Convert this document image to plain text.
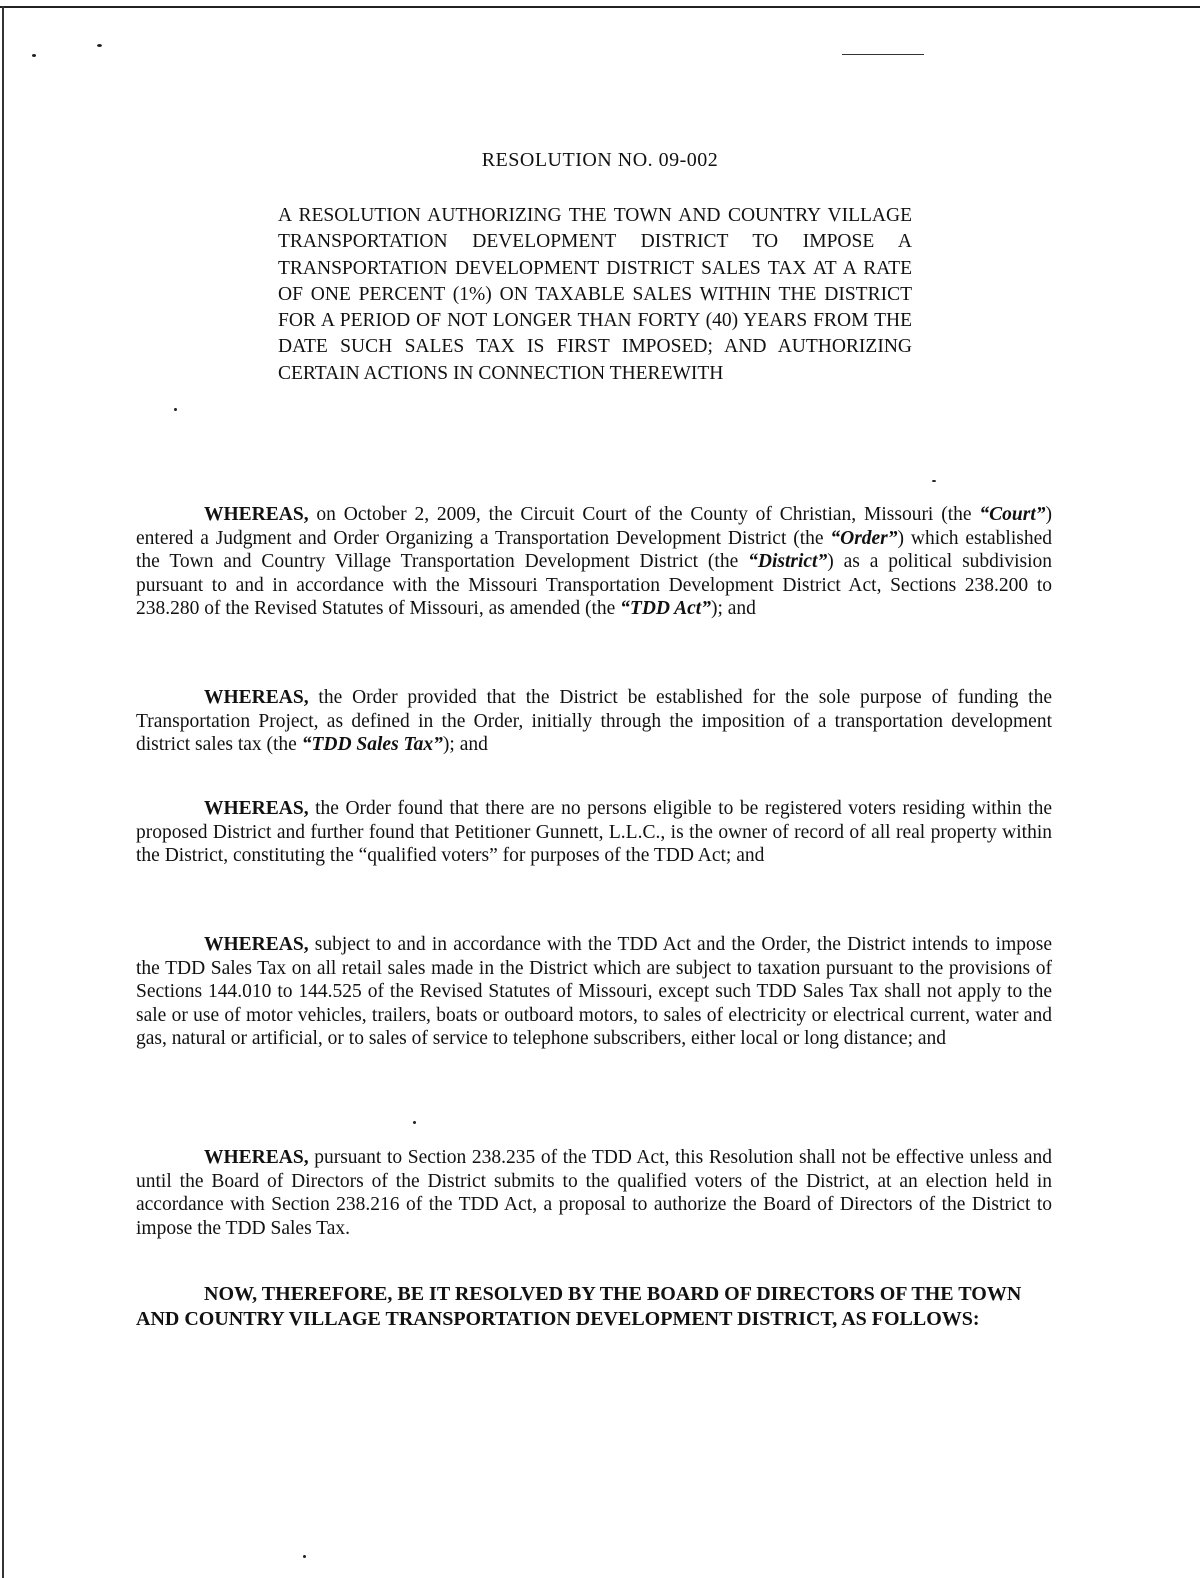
RESOLUTION NO. 09-002
A RESOLUTION AUTHORIZING THE TOWN AND COUNTRY VILLAGE TRANSPORTATION DEVELOPMENT DISTRICT TO IMPOSE A TRANSPORTATION DEVELOPMENT DISTRICT SALES TAX AT A RATE OF ONE PERCENT (1%) ON TAXABLE SALES WITHIN THE DISTRICT FOR A PERIOD OF NOT LONGER THAN FORTY (40) YEARS FROM THE DATE SUCH SALES TAX IS FIRST IMPOSED; AND AUTHORIZING CERTAIN ACTIONS IN CONNECTION THEREWITH

WHEREAS, on October 2, 2009, the Circuit Court of the County of Christian, Missouri (the “Court”) entered a Judgment and Order Organizing a Transportation Development District (the “Order”) which established the Town and Country Village Transportation Development District (the “District”) as a political subdivision pursuant to and in accordance with the Missouri Transportation Development District Act, Sections 238.200 to 238.280 of the Revised Statutes of Missouri, as amended (the “TDD Act”); and

WHEREAS, the Order provided that the District be established for the sole purpose of funding the Transportation Project, as defined in the Order, initially through the imposition of a transportation development district sales tax (the “TDD Sales Tax”); and

WHEREAS, the Order found that there are no persons eligible to be registered voters residing within the proposed District and further found that Petitioner Gunnett, L.L.C., is the owner of record of all real property within the District, constituting the “qualified voters” for purposes of the TDD Act; and

WHEREAS, subject to and in accordance with the TDD Act and the Order, the District intends to impose the TDD Sales Tax on all retail sales made in the District which are subject to taxation pursuant to the provisions of Sections 144.010 to 144.525 of the Revised Statutes of Missouri, except such TDD Sales Tax shall not apply to the sale or use of motor vehicles, trailers, boats or outboard motors, to sales of electricity or electrical current, water and gas, natural or artificial, or to sales of service to telephone subscribers, either local or long distance; and

WHEREAS, pursuant to Section 238.235 of the TDD Act, this Resolution shall not be effective unless and until the Board of Directors of the District submits to the qualified voters of the District, at an election held in accordance with Section 238.216 of the TDD Act, a proposal to authorize the Board of Directors of the District to impose the TDD Sales Tax.

NOW, THEREFORE, BE IT RESOLVED BY THE BOARD OF DIRECTORS OF THE TOWN AND COUNTRY VILLAGE TRANSPORTATION DEVELOPMENT DISTRICT, AS FOLLOWS:
